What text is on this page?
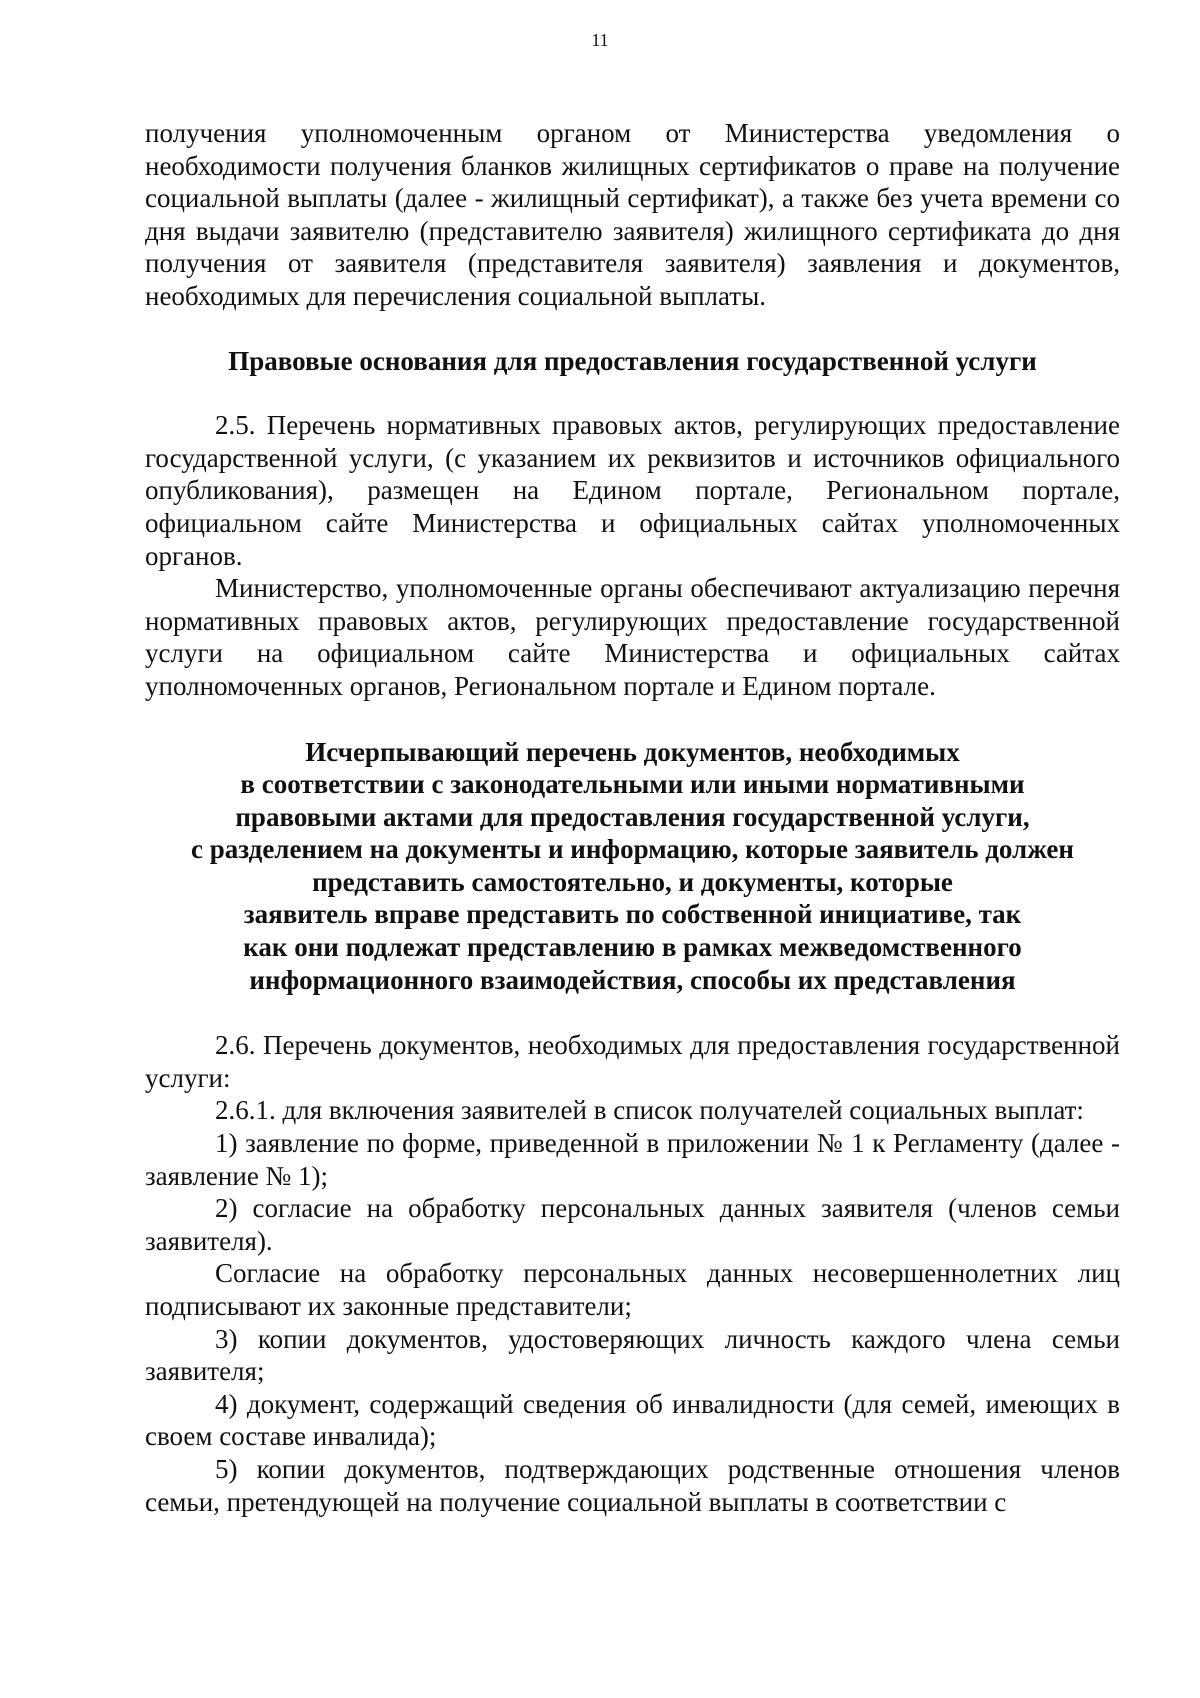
11

получения уполномоченным органом от Министерства уведомления о необходимости получения бланков жилищных сертификатов о праве на получение социальной выплаты (далее - жилищный сертификат), а также без учета времени со дня выдачи заявителю (представителю заявителя) жилищного сертификата до дня получения от заявителя (представителя заявителя) заявления и документов, необходимых для перечисления социальной выплаты.

Правовые основания для предоставления государственной услуги

2.5. Перечень нормативных правовых актов, регулирующих предоставление государственной услуги, (с указанием их реквизитов и источников официального опубликования), размещен на Едином портале, Региональном портале, официальном сайте Министерства и официальных сайтах уполномоченных органов.

Министерство, уполномоченные органы обеспечивают актуализацию перечня нормативных правовых актов, регулирующих предоставление государственной услуги на официальном сайте Министерства и официальных сайтах уполномоченных органов, Региональном портале и Едином портале.

Исчерпывающий перечень документов, необходимых

в соответствии с законодательными или иными нормативными

правовыми актами для предоставления государственной услуги,

с разделением на документы и информацию, которые заявитель должен

представить самостоятельно, и документы, которые

заявитель вправе представить по собственной инициативе, так

как они подлежат представлению в рамках межведомственного

информационного взаимодействия, способы их представления

2.6. Перечень документов, необходимых для предоставления государственной услуги:

2.6.1. для включения заявителей в список получателей социальных выплат:

1) заявление по форме, приведенной в приложении № 1 к Регламенту (далее - заявление № 1);

2) согласие на обработку персональных данных заявителя (членов семьи заявителя).

Согласие на обработку персональных данных несовершеннолетних лиц подписывают их законные представители;

3) копии документов, удостоверяющих личность каждого члена семьи заявителя;

4) документ, содержащий сведения об инвалидности (для семей, имеющих в своем составе инвалида);

5) копии документов, подтверждающих родственные отношения членов семьи, претендующей на получение социальной выплаты в соответствии с
